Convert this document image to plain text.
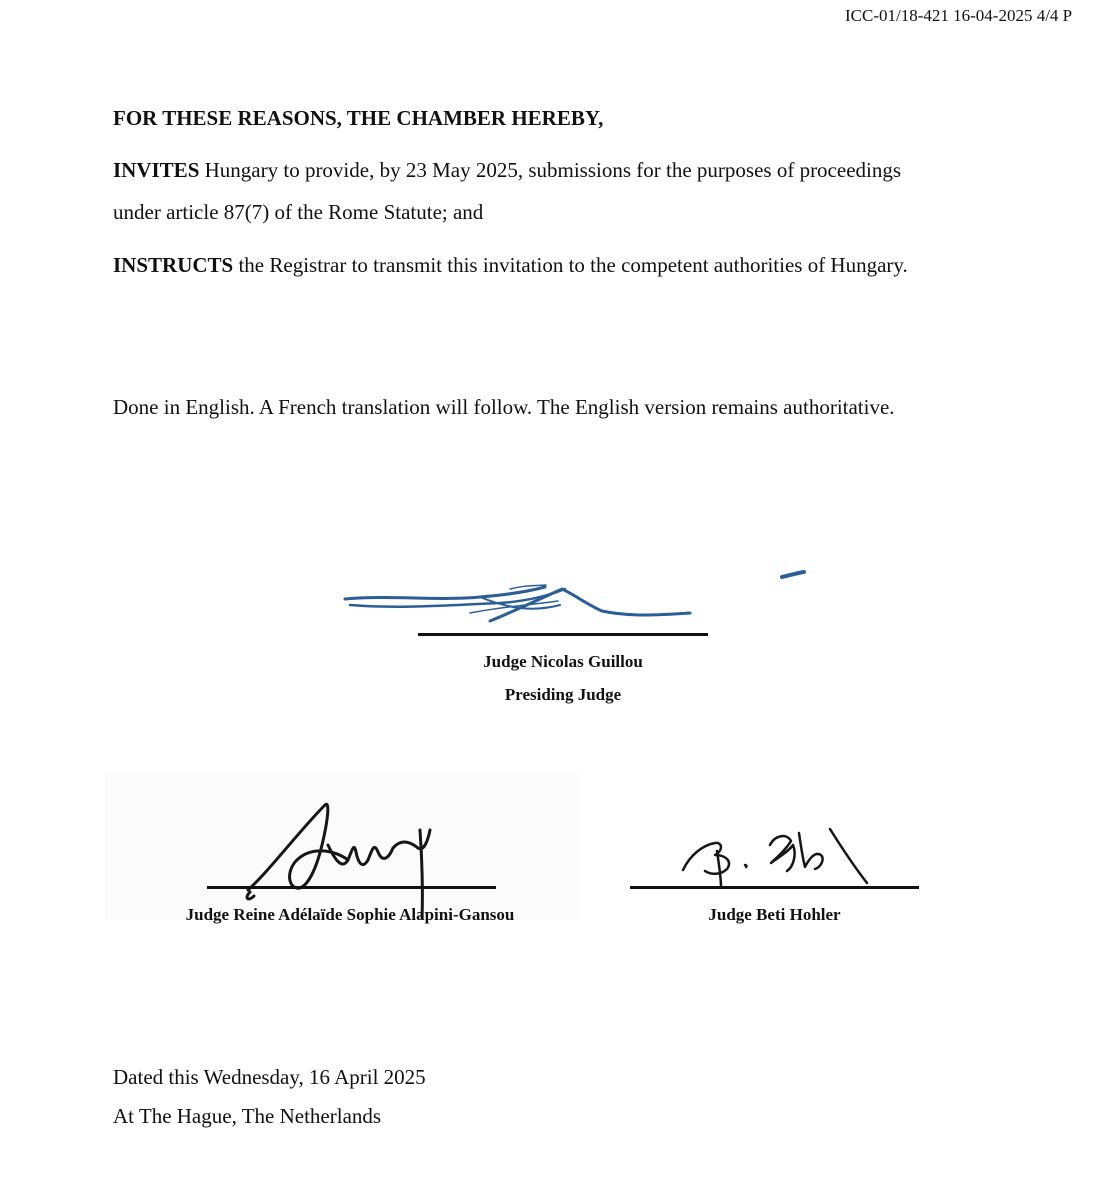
ICC-01/18-421 16-04-2025 4/4 P
FOR THESE REASONS, THE CHAMBER HEREBY,
INVITES Hungary to provide, by 23 May 2025, submissions for the purposes of proceedings
under article 87(7) of the Rome Statute; and
INSTRUCTS the Registrar to transmit this invitation to the competent authorities of Hungary.
Done in English. A French translation will follow. The English version remains authoritative.
Judge Nicolas Guillou
Presiding Judge
Judge Reine Adélaïde Sophie Alapini-Gansou	Judge Beti Hohler
Dated this Wednesday, 16 April 2025
At The Hague, The Netherlands
